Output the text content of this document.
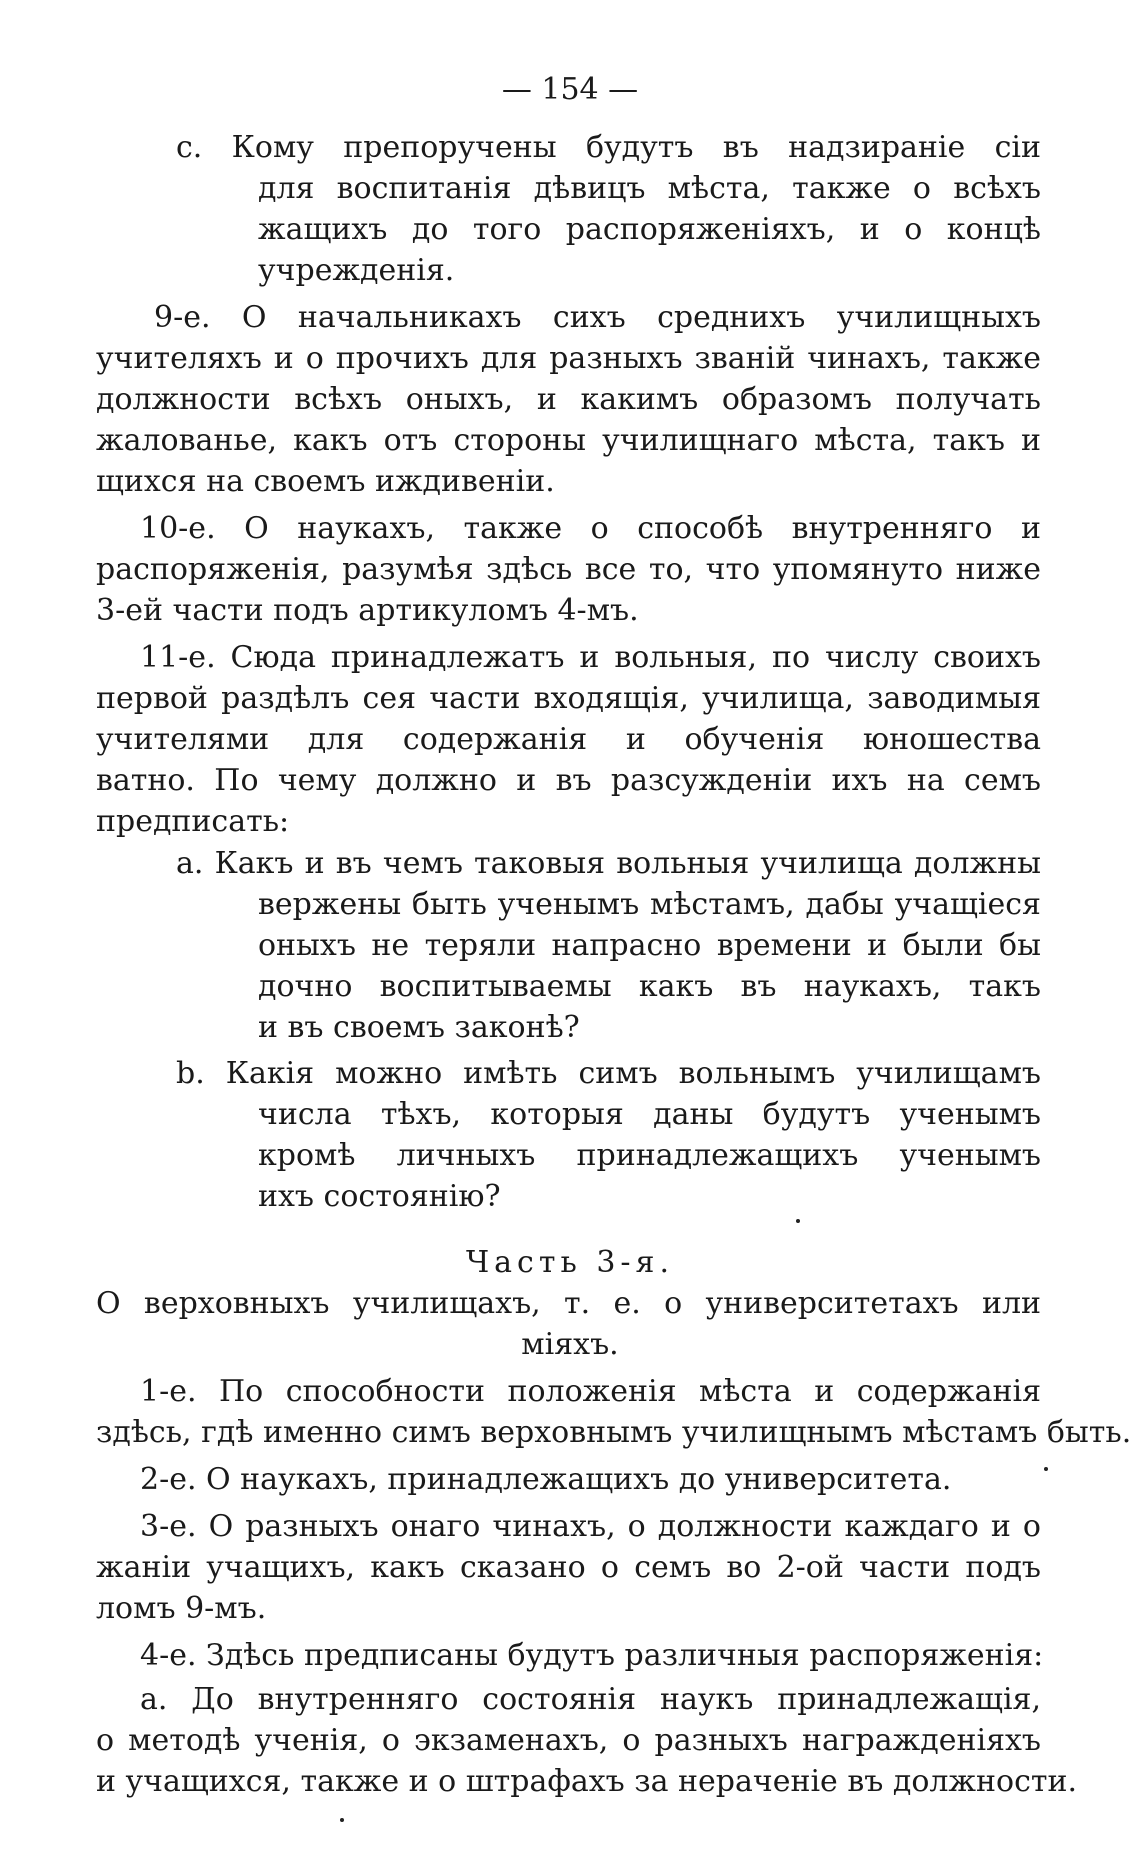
— 154 —
c. Кому препоручены будутъ въ надзираніе сіи
для воспитанія дѣвицъ мѣста, также о всѣхъ
жащихъ до того распоряженіяхъ, и о концѣ
учрежденія.
9-е. О начальникахъ сихъ среднихъ училищныхъ
учителяхъ и о прочихъ для разныхъ званій чинахъ, также
должности всѣхъ оныхъ, и какимъ образомъ получать
жалованье, какъ отъ стороны училищнаго мѣста, такъ и
щихся на своемъ иждивеніи.
10-е. О наукахъ, также о способѣ внутренняго и
распоряженія, разумѣя здѣсь все то, что упомянуто ниже
3-ей части подъ артикуломъ 4-мъ.
11-е. Сюда принадлежатъ и вольныя, по числу своихъ
первой раздѣлъ сея части входящія, училища, заводимыя
учителями для содержанія и обученія юношества
ватно. По чему должно и въ разсужденіи ихъ на семъ
предписать:
a. Какъ и въ чемъ таковыя вольныя училища должны
вержены быть ученымъ мѣстамъ, дабы учащіеся
оныхъ не теряли напрасно времени и были бы
дочно воспитываемы какъ въ наукахъ, такъ
и въ своемъ законѣ?
b. Какія можно имѣть симъ вольнымъ училищамъ
числа тѣхъ, которыя даны будутъ ученымъ
кромѣ личныхъ принадлежащихъ ученымъ
ихъ состоянію?
Часть 3-я.
О верховныхъ училищахъ, т. е. о университетахъ или
міяхъ.
1-е. По способности положенія мѣста и содержанія
здѣсь, гдѣ именно симъ верховнымъ училищнымъ мѣстамъ быть.
2-е. О наукахъ, принадлежащихъ до университета.
3-е. О разныхъ онаго чинахъ, о должности каждаго и о
жаніи учащихъ, какъ сказано о семъ во 2-ой части подъ
ломъ 9-мъ.
4-е. Здѣсь предписаны будутъ различныя распоряженія:
a. До внутренняго состоянія наукъ принадлежащія,
о методѣ ученія, о экзаменахъ, о разныхъ награжденіяхъ
и учащихся, также и о штрафахъ за нераченіе въ должности.
